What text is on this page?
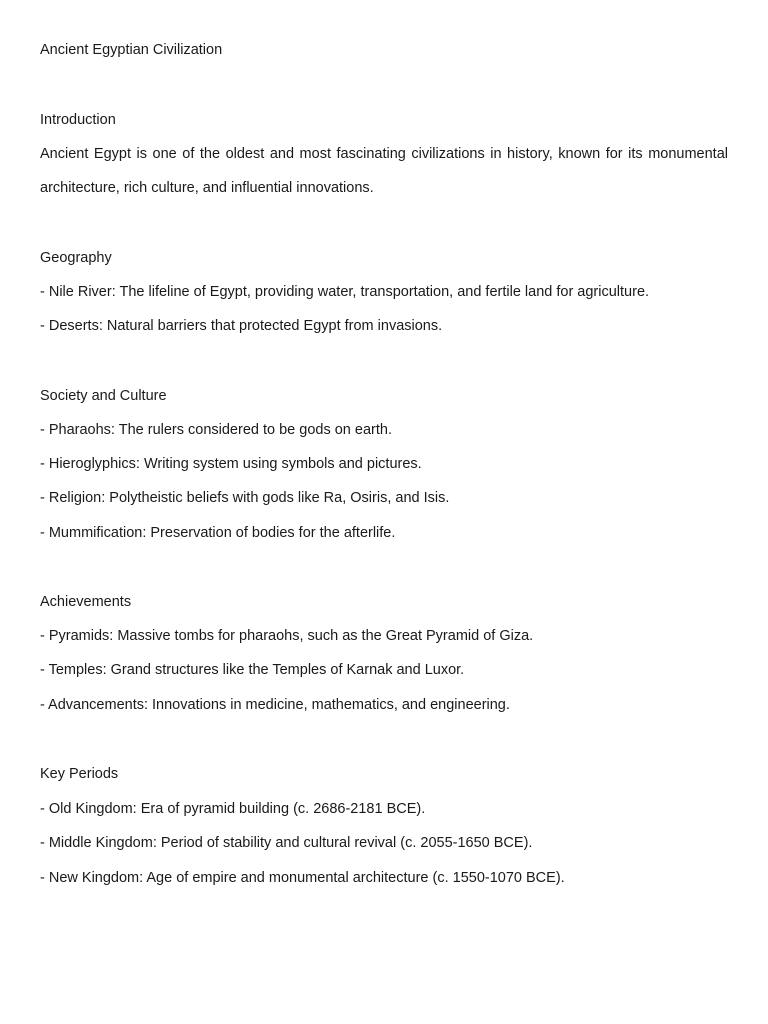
Ancient Egyptian Civilization
Introduction
Ancient Egypt is one of the oldest and most fascinating civilizations in history, known for its monumental architecture, rich culture, and influential innovations.
Geography
- Nile River: The lifeline of Egypt, providing water, transportation, and fertile land for agriculture.
- Deserts: Natural barriers that protected Egypt from invasions.
Society and Culture
- Pharaohs: The rulers considered to be gods on earth.
- Hieroglyphics: Writing system using symbols and pictures.
- Religion: Polytheistic beliefs with gods like Ra, Osiris, and Isis.
- Mummification: Preservation of bodies for the afterlife.
Achievements
- Pyramids: Massive tombs for pharaohs, such as the Great Pyramid of Giza.
- Temples: Grand structures like the Temples of Karnak and Luxor.
- Advancements: Innovations in medicine, mathematics, and engineering.
Key Periods
- Old Kingdom: Era of pyramid building (c. 2686-2181 BCE).
- Middle Kingdom: Period of stability and cultural revival (c. 2055-1650 BCE).
- New Kingdom: Age of empire and monumental architecture (c. 1550-1070 BCE).
